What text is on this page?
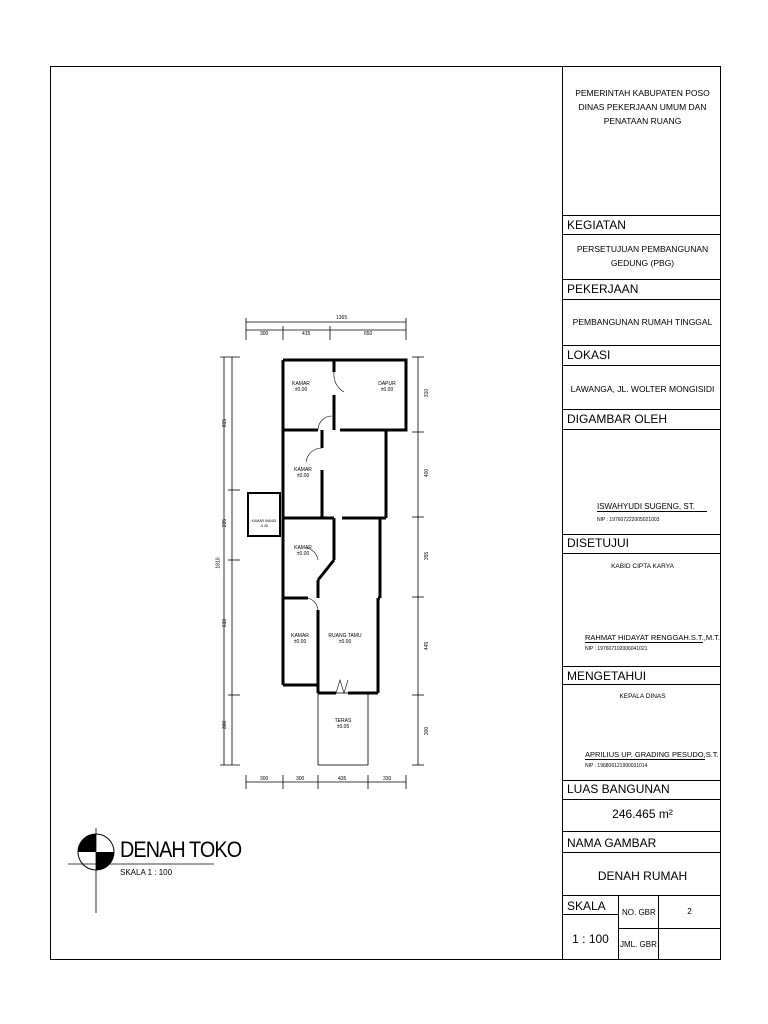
KAMAR
±0.00
DAPUR
±0.00
KAMAR
±0.00
KAMAR MANDI
-0.05
KAMAR
±0.00
KAMAR
±0.00
RUANG TAMU
±0.00
TERAS
±0.05
1365
300	415	650
300	300	435	330
1810
815
235
610
300
310
400
355
445
300
DENAH TOKO
SKALA 1 : 100
PEMERINTAH KABUPATEN POSO
DINAS PEKERJAAN UMUM DAN
PENATAAN RUANG
KEGIATAN
PERSETUJUAN PEMBANGUNAN
GEDUNG (PBG)
PEKERJAAN
PEMBANGUNAN RUMAH TINGGAL
LOKASI
LAWANGA, JL. WOLTER MONGISIDI
DIGAMBAR OLEH
ISWAHYUDI SUGENG, ST.
NIP : 197607222005021003
DISETUJUI
KABID CIPTA KARYA
RAHMAT HIDAYAT RENGGAH.S.T.,M.T.
NIP : 197607102006041021
MENGETAHUI
KEPALA DINAS
APRILIUS UP. GRADING PESUDO,S.T.
NIP : 196806121990031014
LUAS BANGUNAN
246.465 m²
NAMA GAMBAR
DENAH RUMAH
SKALA
1 : 100
NO. GBR	2
JML. GBR
